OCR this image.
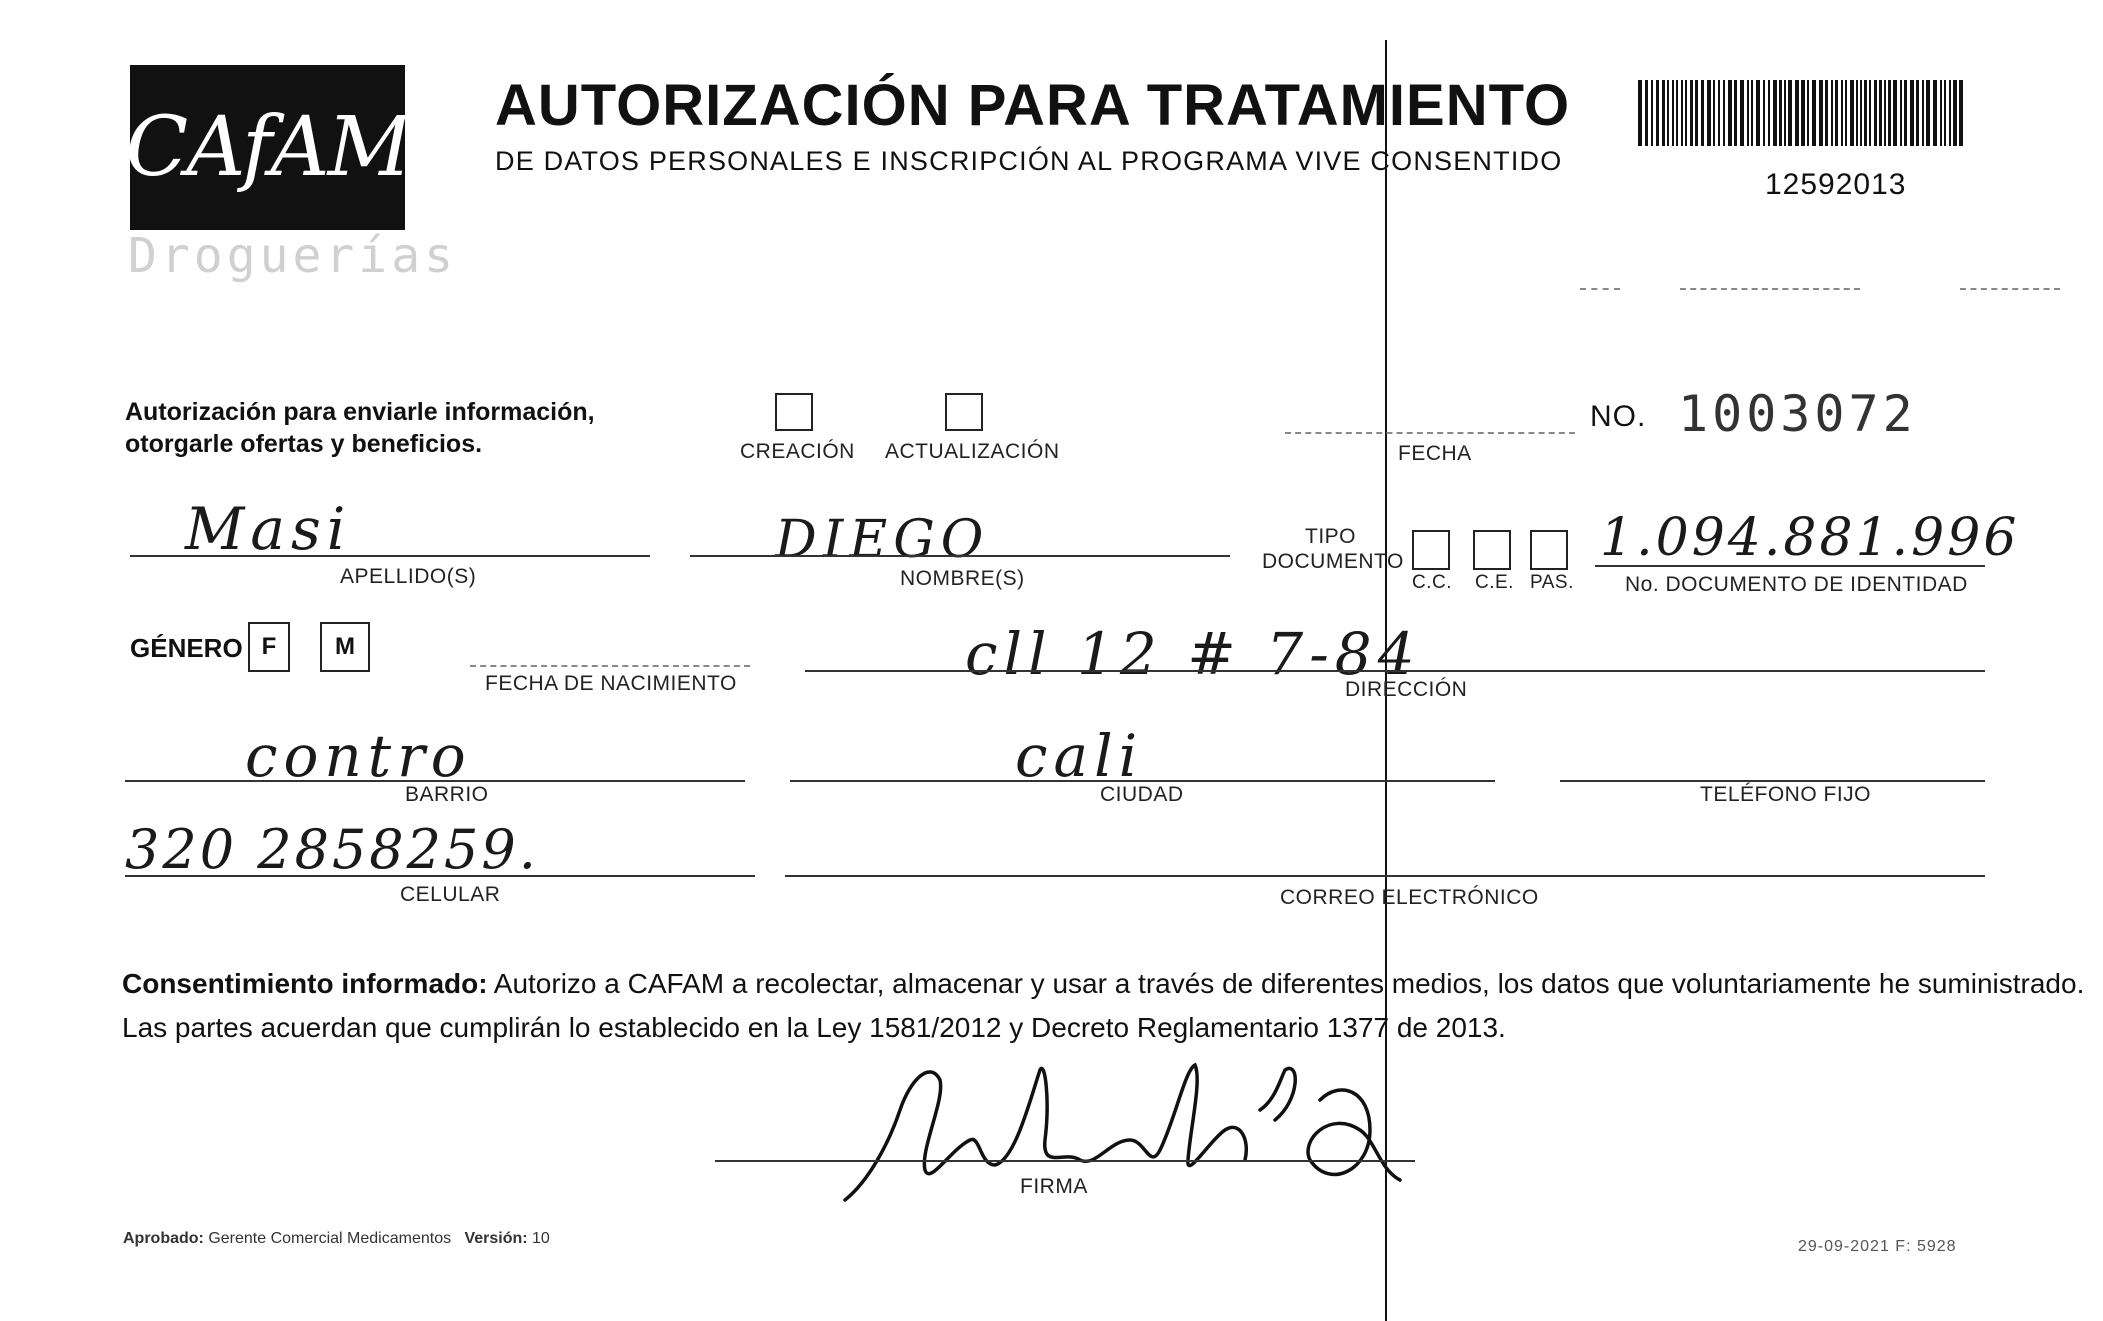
CAfAM
Droguerías
AUTORIZACIÓN PARA TRATAMIENTO
DE DATOS PERSONALES E INSCRIPCIÓN AL PROGRAMA VIVE CONSENTIDO
12592013
Autorización para enviarle información,
otorgarle ofertas y beneficios.	CREACIÓN ACTUALIZACIÓN	FECHA
NO. 1003072
Masi
APELLIDO(S)
DIEGO
NOMBRE(S)
TIPO
DOCUMENTO
C.C. C.E. PAS.
1.094.881.996
No. DOCUMENTO DE IDENTIDAD
GÉNERO F M
FECHA DE NACIMIENTO	cll 12 # 7-84
DIRECCIÓN
contro
BARRIO
cali
CIUDAD	TELÉFONO FIJO
320 2858259.
CELULAR	CORREO ELECTRÓNICO
Consentimiento informado: Autorizo a CAFAM a recolectar, almacenar y usar a través de diferentes medios, los datos que voluntariamente he suministrado.
Las partes acuerdan que cumplirán lo establecido en la Ley 1581/2012 y Decreto Reglamentario 1377 de 2013.
FIRMA
Aprobado: Gerente Comercial Medicamentos Versión: 10	29-09-2021 F: 5928
